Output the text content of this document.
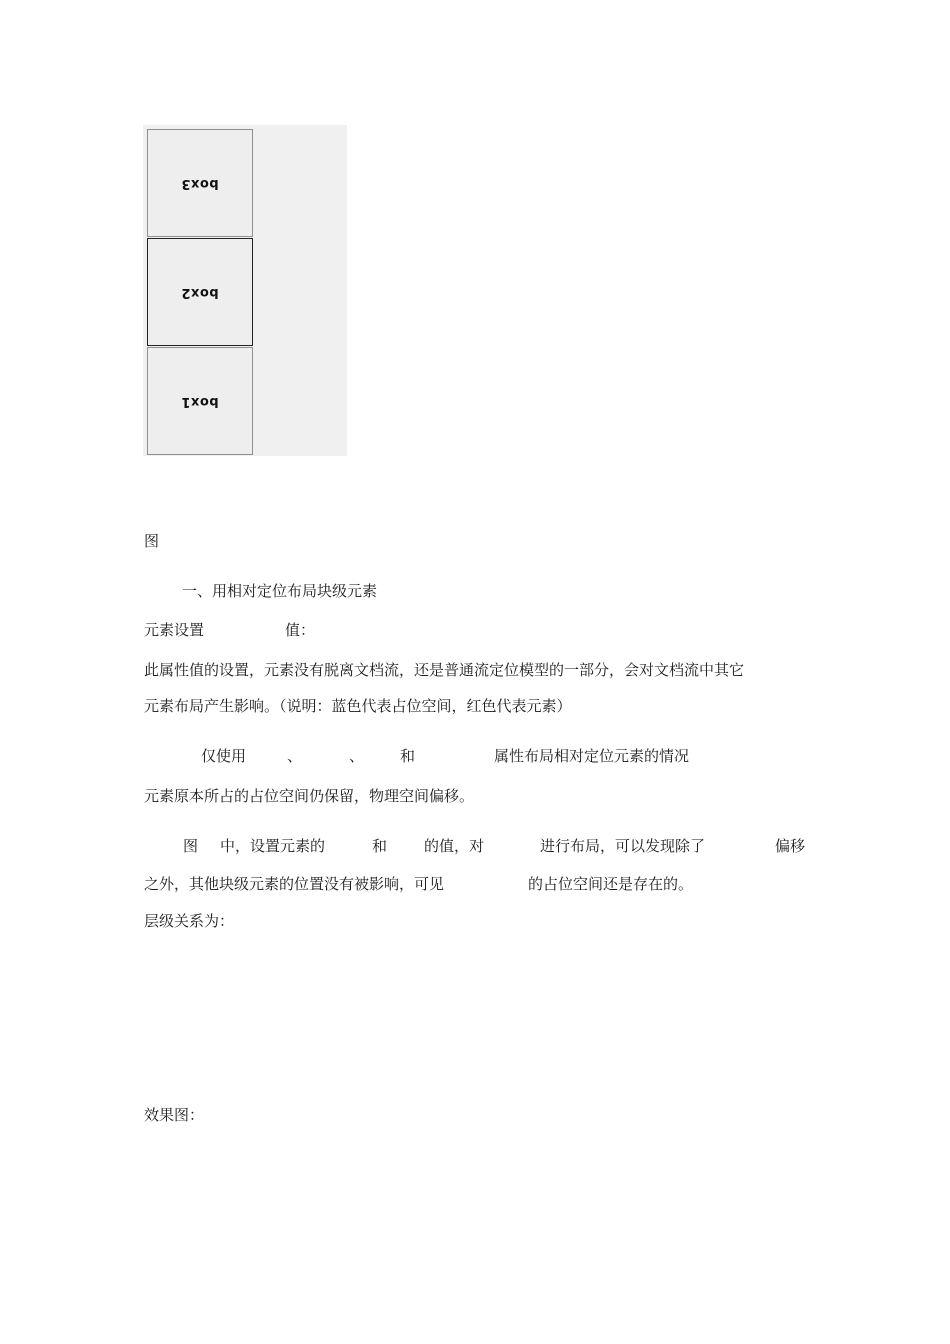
box3
box2
box1
图
一、用相对定位布局块级元素
元素设置	值：
此属性值的设置，元素没有脱离文档流，还是普通流定位模型的一部分，会对文档流中其它
元素布局产生影响。（说明：蓝色代表占位空间，红色代表元素）
仅使用	、	、 和	属性布局相对定位元素的情况
元素原本所占的占位空间仍保留，物理空间偏移。
图 中，设置元素的	和 的值，对	进行布局，可以发现除了	偏移
之外，其他块级元素的位置没有被影响，可见	的占位空间还是存在的。
层级关系为：
效果图：
